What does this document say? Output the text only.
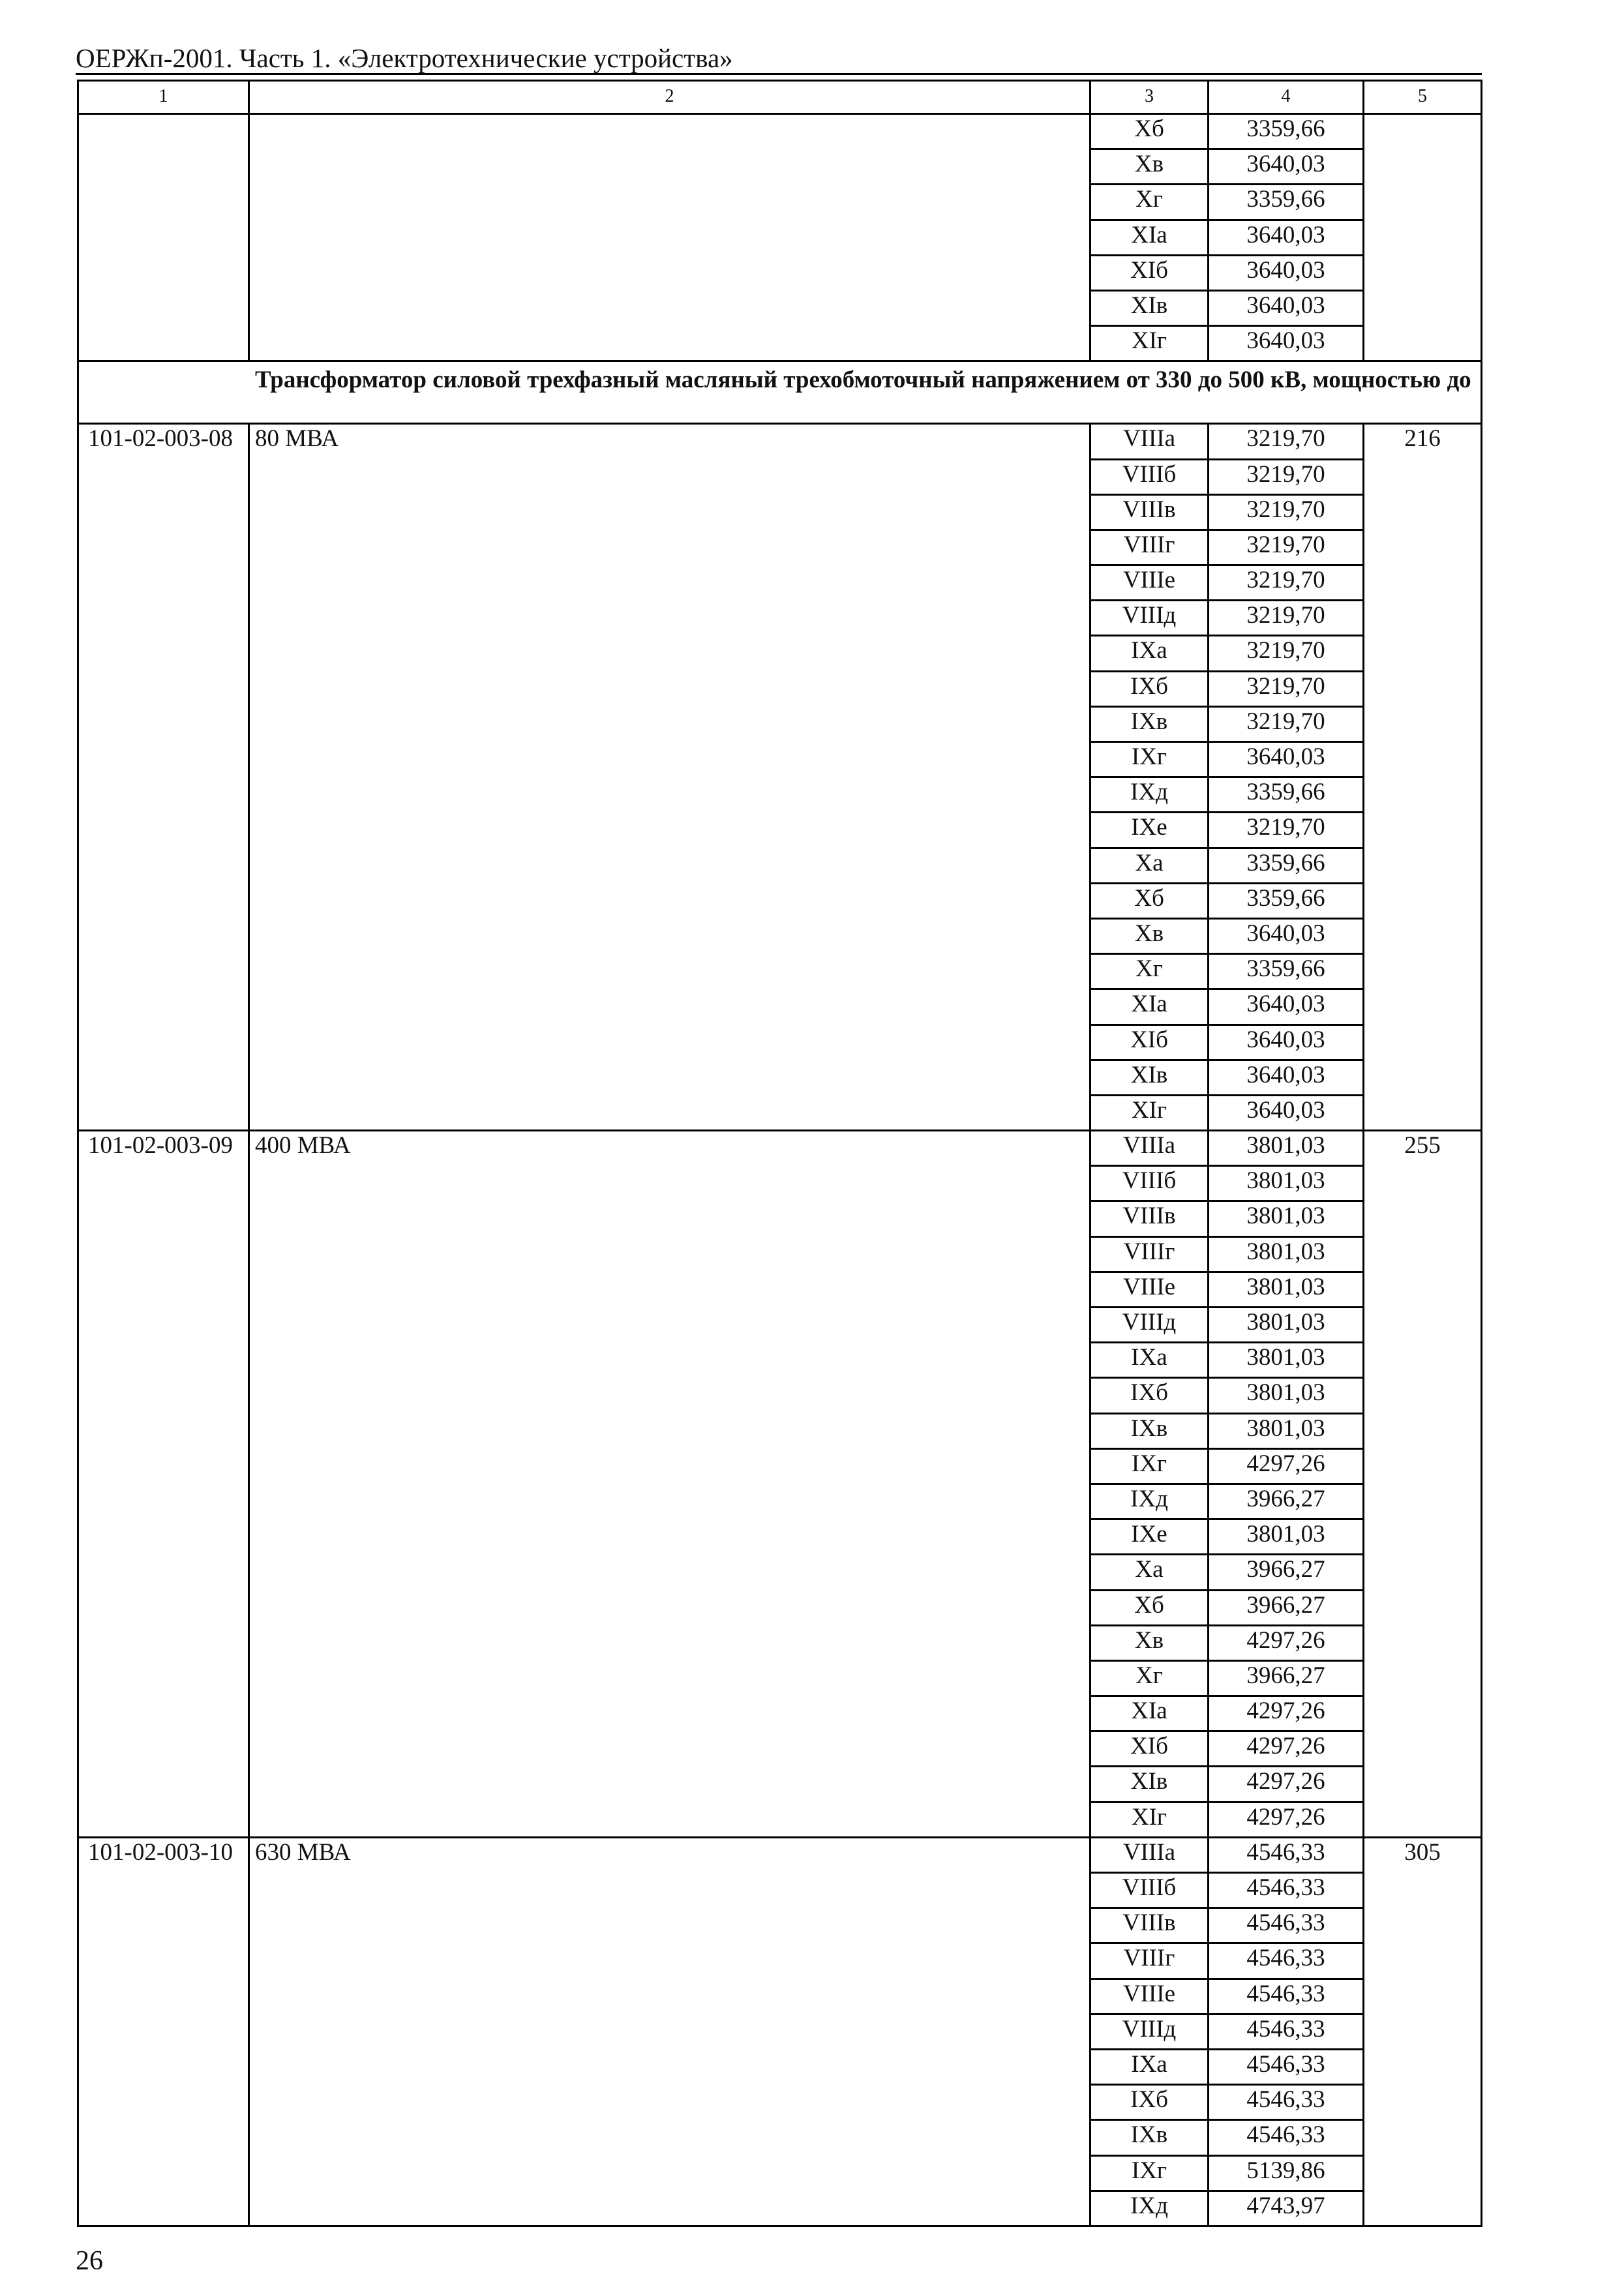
ОЕРЖп-2001. Часть 1. «Электротехнические устройства»
1	2	3	4	5
		Хб	3359,66	
		Хв	3640,03	
		Хг	3359,66	
		ХIа	3640,03	
		ХIб	3640,03	
		ХIв	3640,03	
		ХIг	3640,03	
Трансформатор силовой трехфазный масляный трехобмоточный напряжением от 330 до 500 кВ, мощностью до				
101-02-003-08	80 МВА	VIIIа	3219,70	216
		VIIIб	3219,70	
		VIIIв	3219,70	
		VIIIг	3219,70	
		VIIIе	3219,70	
		VIIIд	3219,70	
		IХа	3219,70	
		IХб	3219,70	
		IХв	3219,70	
		IХг	3640,03	
		IХд	3359,66	
		IХе	3219,70	
		Ха	3359,66	
		Хб	3359,66	
		Хв	3640,03	
		Хг	3359,66	
		ХIа	3640,03	
		ХIб	3640,03	
		ХIв	3640,03	
		ХIг	3640,03	
101-02-003-09	400 МВА	VIIIа	3801,03	255
		VIIIб	3801,03	
		VIIIв	3801,03	
		VIIIг	3801,03	
		VIIIе	3801,03	
		VIIIд	3801,03	
		IХа	3801,03	
		IХб	3801,03	
		IХв	3801,03	
		IХг	4297,26	
		IХд	3966,27	
		IХе	3801,03	
		Ха	3966,27	
		Хб	3966,27	
		Хв	4297,26	
		Хг	3966,27	
		ХIа	4297,26	
		ХIб	4297,26	
		ХIв	4297,26	
		ХIг	4297,26	
101-02-003-10	630 МВА	VIIIа	4546,33	305
		VIIIб	4546,33	
		VIIIв	4546,33	
		VIIIг	4546,33	
		VIIIе	4546,33	
		VIIIд	4546,33	
		IХа	4546,33	
		IХб	4546,33	
		IХв	4546,33	
		IХг	5139,86	
		IХд	4743,97	
26
